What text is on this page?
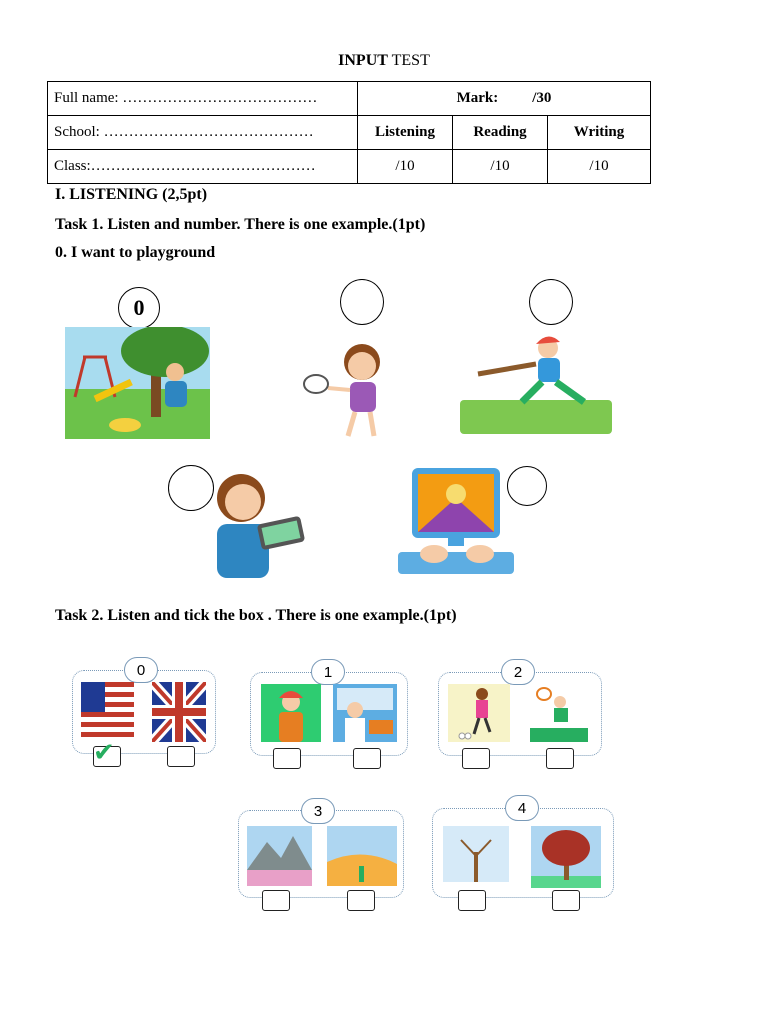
INPUT TEST
Full name: …………………………………	Mark: /30		
School: ……………………………………	Listening	Reading	Writing
Class:………………………………………	/10	/10	/10
I. LISTENING (2,5pt)
Task 1. Listen and number. There is one example.(1pt)
0. I want to playground
0
Task 2. Listen and tick the box . There is one example.(1pt)
0
✔
1	2
3	4
